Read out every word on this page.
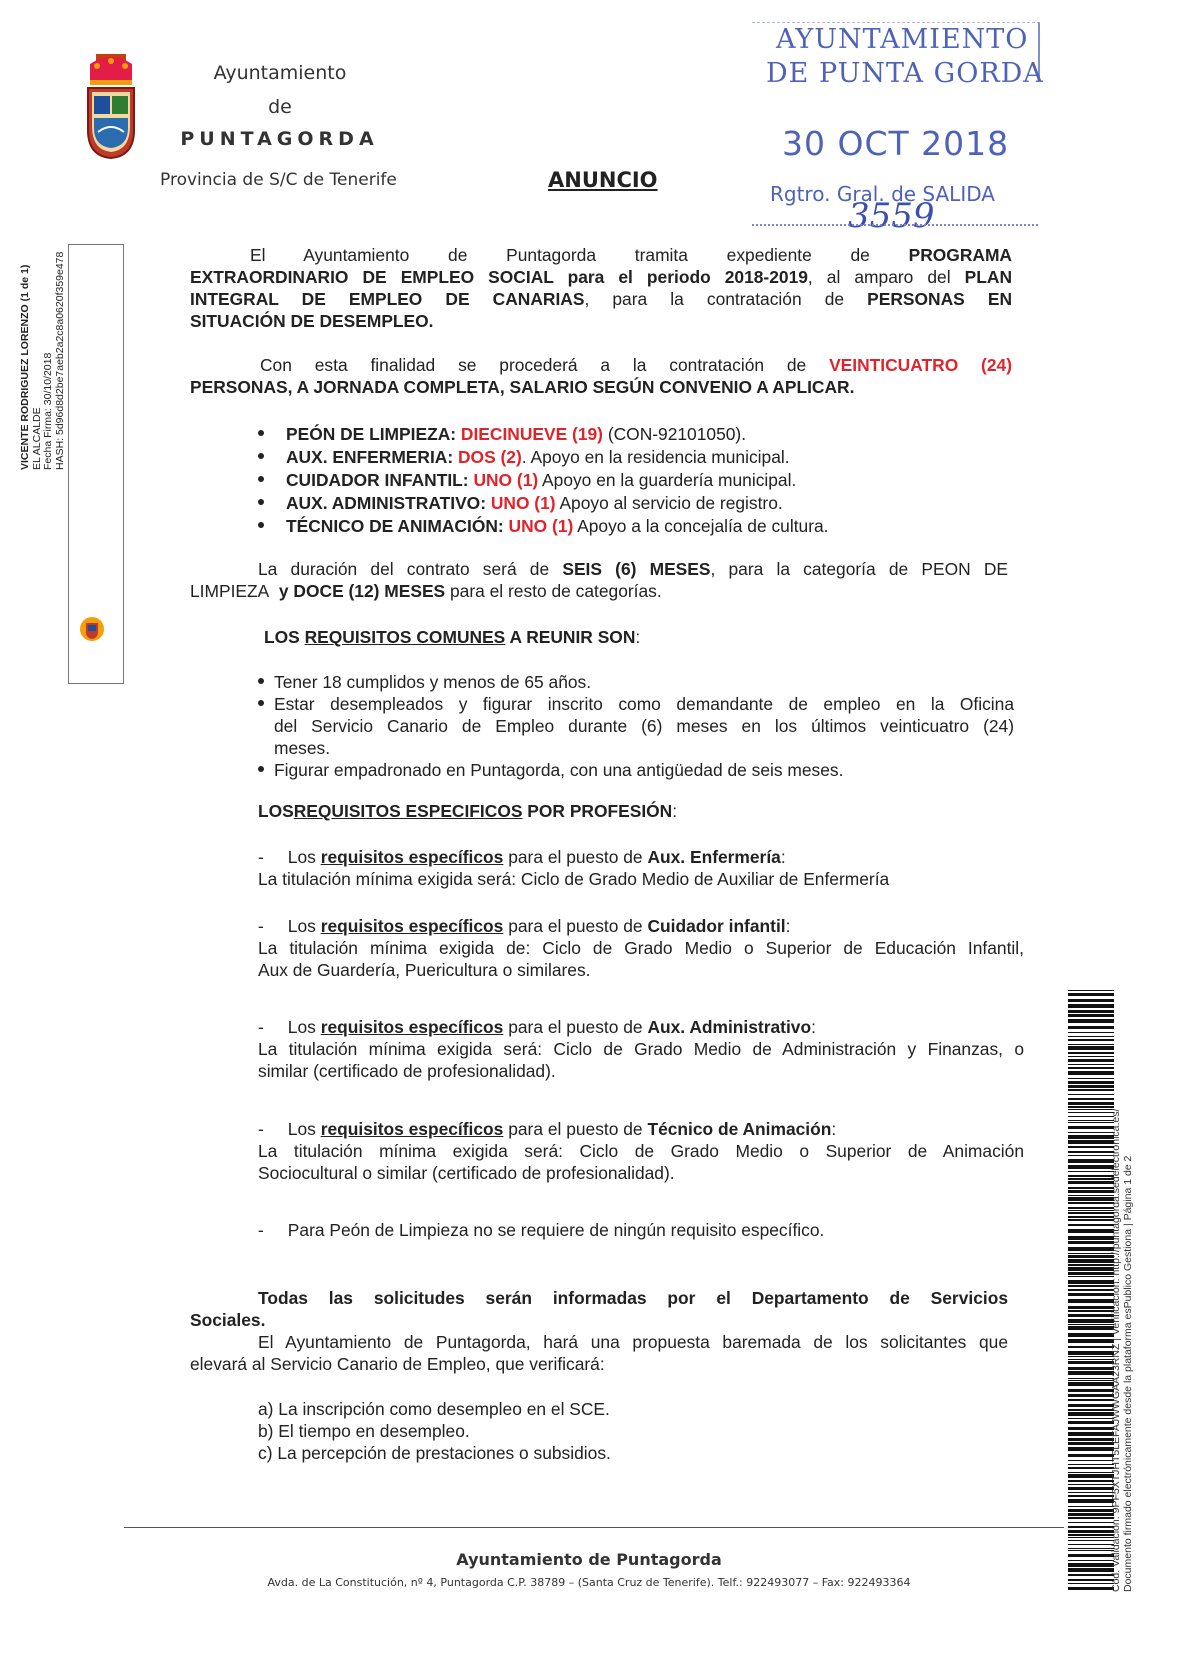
Ayuntamiento
de
PUNTAGORDA
Provincia de S/C de Tenerife	ANUNCIO
AYUNTAMIENTO
DE PUNTA GORDA
30 OCT 2018
Rgtro. Gral. de SALIDA
3559
VICENTE RODRIGUEZ LORENZO (1 de 1) EL ALCALDE Fecha Firma: 30/10/2018 HASH: 5d96d8d2be7aeb2a2c8a0620f359e478	El Ayuntamiento de Puntagorda tramita expediente de PROGRAMA
EXTRAORDINARIO DE EMPLEO SOCIAL para el periodo 2018-2019, al amparo del PLAN
INTEGRAL DE EMPLEO DE CANARIAS, para la contratación de PERSONAS EN
SITUACIÓN DE DESEMPLEO.
Con esta finalidad se procederá a la contratación de VEINTICUATRO (24)
PERSONAS, A JORNADA COMPLETA, SALARIO SEGÚN CONVENIO A APLICAR.
PEÓN DE LIMPIEZA: DIECINUEVE (19) (CON-92101050).
AUX. ENFERMERIA: DOS (2). Apoyo en la residencia municipal.
CUIDADOR INFANTIL: UNO (1) Apoyo en la guardería municipal.
AUX. ADMINISTRATIVO: UNO (1) Apoyo al servicio de registro.
TÉCNICO DE ANIMACIÓN: UNO (1) Apoyo a la concejalía de cultura.
La duración del contrato será de SEIS (6) MESES, para la categoría de PEON DE
LIMPIEZA y DOCE (12) MESES para el resto de categorías.
LOS REQUISITOS COMUNES A REUNIR SON:
Tener 18 cumplidos y menos de 65 años.
Estar desempleados y figurar inscrito como demandante de empleo en la Oficina
del Servicio Canario de Empleo durante (6) meses en los últimos veinticuatro (24)
meses.
Figurar empadronado en Puntagorda, con una antigüedad de seis meses.
LOSREQUISITOS ESPECIFICOS POR PROFESIÓN:
- Los requisitos específicos para el puesto de Aux. Enfermería:
La titulación mínima exigida será: Ciclo de Grado Medio de Auxiliar de Enfermería
- Los requisitos específicos para el puesto de Cuidador infantil:
La titulación mínima exigida de: Ciclo de Grado Medio o Superior de Educación Infantil,
Aux de Guardería, Puericultura o similares.
- Los requisitos específicos para el puesto de Aux. Administrativo:
La titulación mínima exigida será: Ciclo de Grado Medio de Administración y Finanzas, o
similar (certificado de profesionalidad).
- Los requisitos específicos para el puesto de Técnico de Animación:
La titulación mínima exigida será: Ciclo de Grado Medio o Superior de Animación
Sociocultural o similar (certificado de profesionalidad).
- Para Peón de Limpieza no se requiere de ningún requisito específico.
Todas las solicitudes serán informadas por el Departamento de Servicios
Sociales.
El Ayuntamiento de Puntagorda, hará una propuesta baremada de los solicitantes que
elevará al Servicio Canario de Empleo, que verificará:
a) La inscripción como desempleo en el SCE.
b) El tiempo en desempleo.
c) La percepción de prestaciones o subsidios.	Cód. Validación: 9PF5XTJHT5LEFAJWWGAA23RNZ | Verificación: http://puntagorda.sedelectronica.es/ Documento firmado electrónicamente desde la plataforma esPublico Gestiona | Página 1 de 2
Ayuntamiento de Puntagorda
Avda. de La Constitución, nº 4, Puntagorda C.P. 38789 – (Santa Cruz de Tenerife). Telf.: 922493077 – Fax: 922493364
